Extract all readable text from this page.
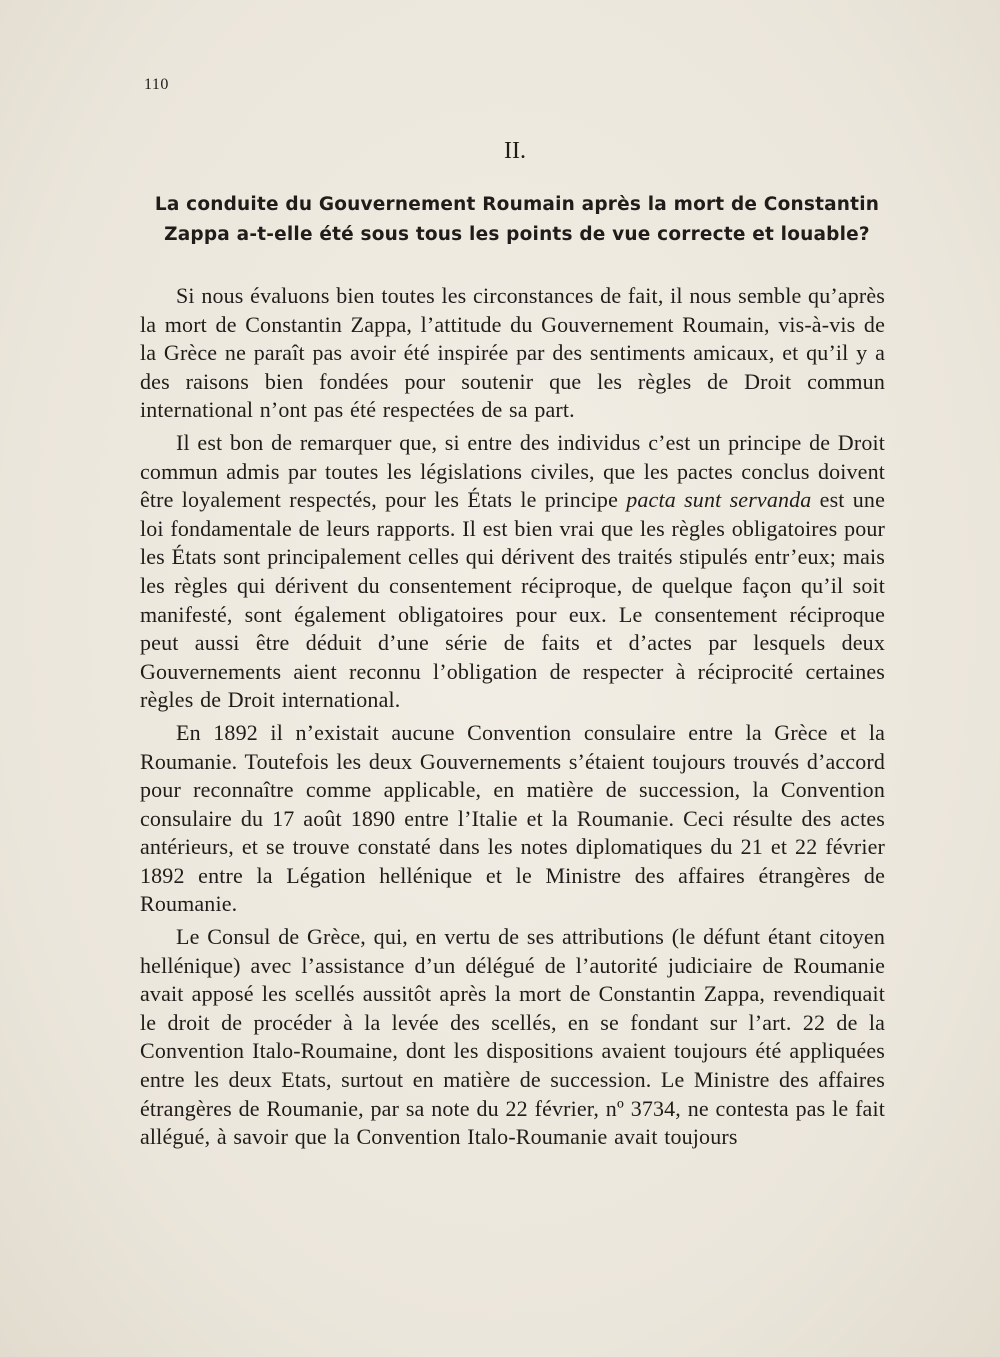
110
II.
La conduite du Gouvernement Roumain après la mort de Constantin Zappa a-t-elle été sous tous les points de vue correcte et louable?

Si nous évaluons bien toutes les circonstances de fait, il nous semble qu’après la mort de Constantin Zappa, l’attitude du Gouvernement Roumain, vis-à-vis de la Grèce ne paraît pas avoir été inspirée par des sentiments amicaux, et qu’il y a des raisons bien fondées pour soutenir que les règles de Droit commun international n’ont pas été respectées de sa part.

Il est bon de remarquer que, si entre des individus c’est un principe de Droit commun admis par toutes les législations civiles, que les pactes conclus doivent être loyalement respectés, pour les États le principe pacta sunt servanda est une loi fondamentale de leurs rapports. Il est bien vrai que les règles obligatoires pour les États sont principalement celles qui dérivent des traités stipulés entr’eux; mais les règles qui dérivent du consentement réciproque, de quelque façon qu’il soit manifesté, sont également obligatoires pour eux. Le consentement réciproque peut aussi être déduit d’une série de faits et d’actes par lesquels deux Gouvernements aient reconnu l’obligation de respecter à réciprocité certaines règles de Droit international.

En 1892 il n’existait aucune Convention consulaire entre la Grèce et la Roumanie. Toutefois les deux Gouvernements s’étaient toujours trouvés d’accord pour reconnaître comme applicable, en matière de succession, la Convention consulaire du 17 août 1890 entre l’Italie et la Roumanie. Ceci résulte des actes antérieurs, et se trouve constaté dans les notes diplomatiques du 21 et 22 février 1892 entre la Légation hellénique et le Ministre des affaires étrangères de Roumanie.

Le Consul de Grèce, qui, en vertu de ses attributions (le défunt étant citoyen hellénique) avec l’assistance d’un délégué de l’autorité judiciaire de Roumanie avait apposé les scellés aussitôt après la mort de Constantin Zappa, revendiquait le droit de procéder à la levée des scellés, en se fondant sur l’art. 22 de la Convention Italo-Roumaine, dont les dispositions avaient toujours été appliquées entre les deux Etats, surtout en matière de succession. Le Ministre des affaires étrangères de Roumanie, par sa note du 22 février, nº 3734, ne contesta pas le fait allégué, à savoir que la Convention Italo-Roumanie avait toujours
